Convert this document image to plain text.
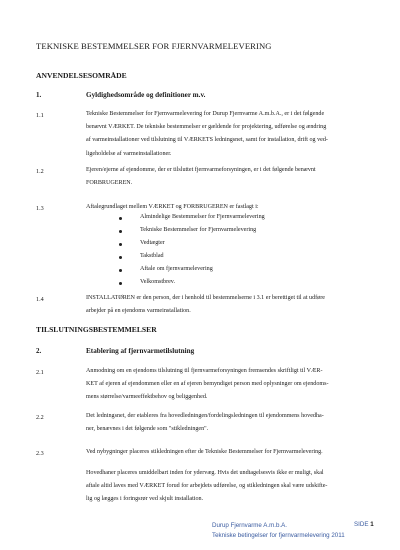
TEKNISKE BESTEMMELSER FOR FJERNVARMELEVERING
ANVENDELSESOMRÅDE
1.	Gyldighedsområde og definitioner m.v.
1.1	Tekniske Bestemmelser for Fjernvarmelevering for Durup Fjernvarme A.m.b.A., er i det følgende
benævnt VÆRKET. De tekniske bestemmelser er gældende for projektering, udførelse og ændring
af varmeinstallationer ved tilslutning til VÆRKETS ledningsnet, samt for installation, drift og ved-
ligeholdelse af varmeinstallationer.
1.2	Ejeren/ejerne af ejendomme, der er tilsluttet fjernvarmeforsyningen, er i det følgende benævnt
FORBRUGEREN.
1.3	Aftalegrundlaget mellem VÆRKET og FORBRUGEREN er fastlagt i:
Almindelige Bestemmelser for Fjernvarmelevering
Tekniske Bestemmelser for Fjernvarmelevering
Vedtægter
Takstblad
Aftale om fjernvarmelevering
Velkomstbrev.
1.4	INSTALLATØREN er den person, der i henhold til bestemmelserne i 3.1 er berettiget til at udføre
arbejder på en ejendoms varmeinstallation.
TILSLUTNINGSBESTEMMELSER
2.	Etablering af fjernvarmetilslutning
2.1	Anmodning om en ejendoms tilslutning til fjernvarmeforsyningen fremsendes skriftligt til VÆR-
KET af ejeren af ejendommen eller en af ejeren bemyndiget person med oplysninger om ejendoms-
mens størrelse/varmeeffektbehov og beliggenhed.
2.2	Det ledningsnet, der etableres fra hovedledningen/fordelingsledningen til ejendommens hovedha-
ner, benævnes i det følgende som "stikledningen".
2.3	Ved nybygninger placeres stikledningen efter de Tekniske Bestemmelser for Fjernvarmelevering.
Hovedhaner placeres umiddelbart inden for ydervæg. Hvis det undtagelsesvis ikke er muligt, skal
aftale altid laves med VÆRKET forud for arbejdets udførelse, og stikledningen skal være udskifte-
lig og lægges i foringsrør ved skjult installation.
Durup Fjernvarme A.m.b.A.
Tekniske betingelser for fjernvarmelevering 2011
SIDE 1
